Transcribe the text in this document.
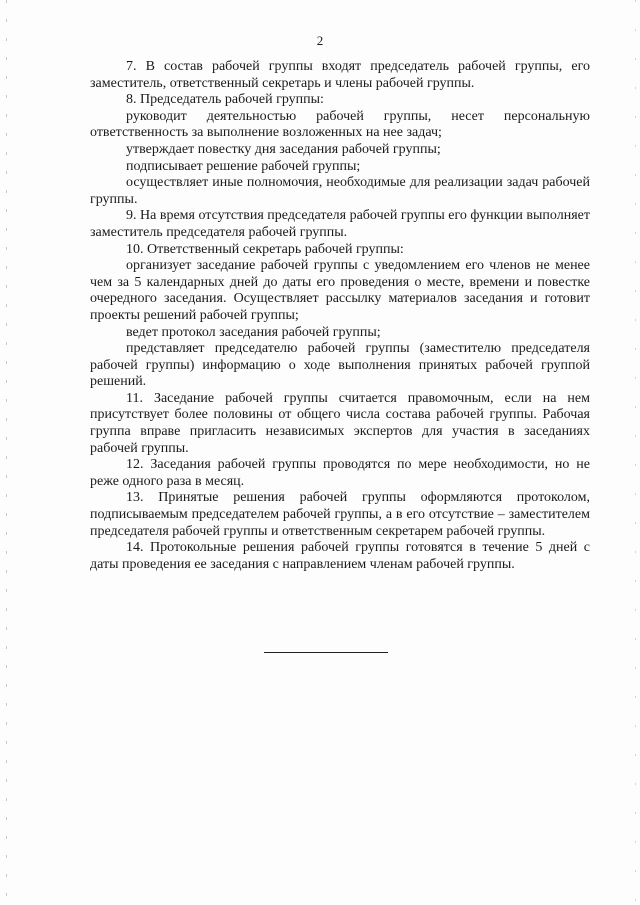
2

7. В состав рабочей группы входят председатель рабочей группы, его заместитель, ответственный секретарь и члены рабочей группы.

8. Председатель рабочей группы:

руководит деятельностью рабочей группы, несет персональную ответственность за выполнение возложенных на нее задач;

утверждает повестку дня заседания рабочей группы;

подписывает решение рабочей группы;

осуществляет иные полномочия, необходимые для реализации задач рабочей группы.

9. На время отсутствия председателя рабочей группы его функции выполняет заместитель председателя рабочей группы.

10. Ответственный секретарь рабочей группы:

организует заседание рабочей группы с уведомлением его членов не менее чем за 5 календарных дней до даты его проведения о месте, времени и повестке очередного заседания. Осуществляет рассылку материалов заседания и готовит проекты решений рабочей группы;

ведет протокол заседания рабочей группы;

представляет председателю рабочей группы (заместителю председателя рабочей группы) информацию о ходе выполнения принятых рабочей группой решений.

11. Заседание рабочей группы считается правомочным, если на нем присутствует более половины от общего числа состава рабочей группы. Рабочая группа вправе пригласить независимых экспертов для участия в заседаниях рабочей группы.

12. Заседания рабочей группы проводятся по мере необходимости, но не реже одного раза в месяц.

13. Принятые решения рабочей группы оформляются протоколом, подписываемым председателем рабочей группы, а в его отсутствие – заместителем председателя рабочей группы и ответственным секретарем рабочей группы.

14. Протокольные решения рабочей группы готовятся в течение 5 дней с даты проведения ее заседания с направлением членам рабочей группы.
